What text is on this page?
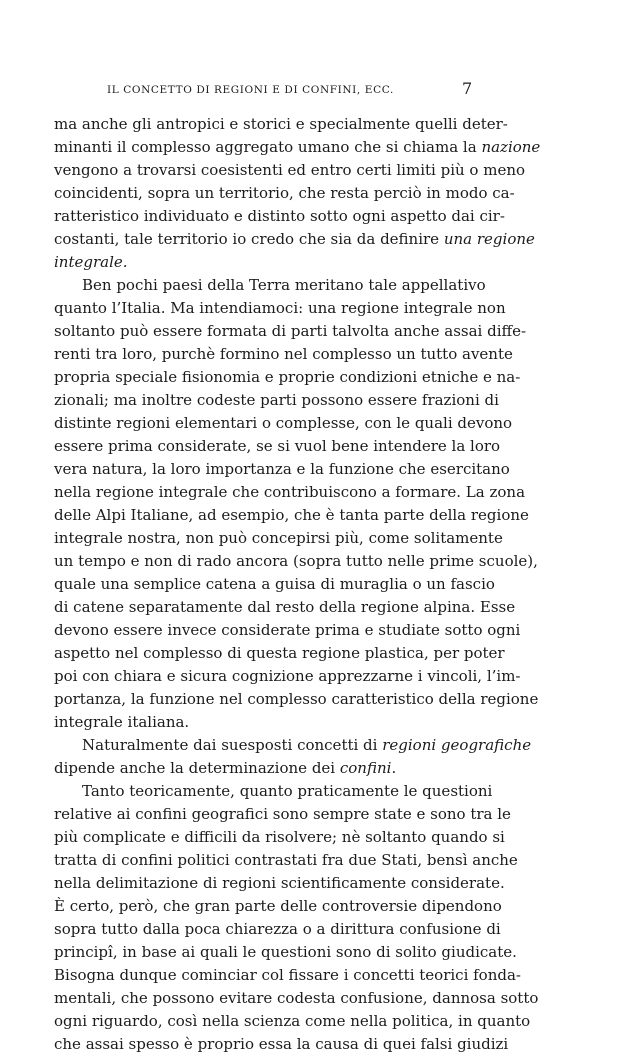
IL CONCETTO DI REGIONI E DI CONFINI, ECC.	7
ma anche gli antropici e storici e specialmente quelli deter-
minanti il complesso aggregato umano che si chiama la nazione
vengono a trovarsi coesistenti ed entro certi limiti più o meno
coincidenti, sopra un territorio, che resta perciò in modo ca-
ratteristico individuato e distinto sotto ogni aspetto dai cir-
costanti, tale territorio io credo che sia da definire una regione
integrale.
Ben pochi paesi della Terra meritano tale appellativo
quanto l’Italia. Ma intendiamoci: una regione integrale non
soltanto può essere formata di parti talvolta anche assai diffe-
renti tra loro, purchè formino nel complesso un tutto avente
propria speciale fisionomia e proprie condizioni etniche e na-
zionali; ma inoltre codeste parti possono essere frazioni di
distinte regioni elementari o complesse, con le quali devono
essere prima considerate, se si vuol bene intendere la loro
vera natura, la loro importanza e la funzione che esercitano
nella regione integrale che contribuiscono a formare. La zona
delle Alpi Italiane, ad esempio, che è tanta parte della regione
integrale nostra, non può concepirsi più, come solitamente
un tempo e non di rado ancora (sopra tutto nelle prime scuole),
quale una semplice catena a guisa di muraglia o un fascio
di catene separatamente dal resto della regione alpina. Esse
devono essere invece considerate prima e studiate sotto ogni
aspetto nel complesso di questa regione plastica, per poter
poi con chiara e sicura cognizione apprezzarne i vincoli, l’im-
portanza, la funzione nel complesso caratteristico della regione
integrale italiana.
Naturalmente dai suesposti concetti di regioni geografiche
dipende anche la determinazione dei confini.
Tanto teoricamente, quanto praticamente le questioni
relative ai confini geografici sono sempre state e sono tra le
più complicate e difficili da risolvere; nè soltanto quando si
tratta di confini politici contrastati fra due Stati, bensì anche
nella delimitazione di regioni scientificamente considerate.
È certo, però, che gran parte delle controversie dipendono
sopra tutto dalla poca chiarezza o a dirittura confusione di
principî, in base ai quali le questioni sono di solito giudicate.
Bisogna dunque cominciar col fissare i concetti teorici fonda-
mentali, che possono evitare codesta confusione, dannosa sotto
ogni riguardo, così nella scienza come nella politica, in quanto
che assai spesso è proprio essa la causa di quei falsi giudizi
